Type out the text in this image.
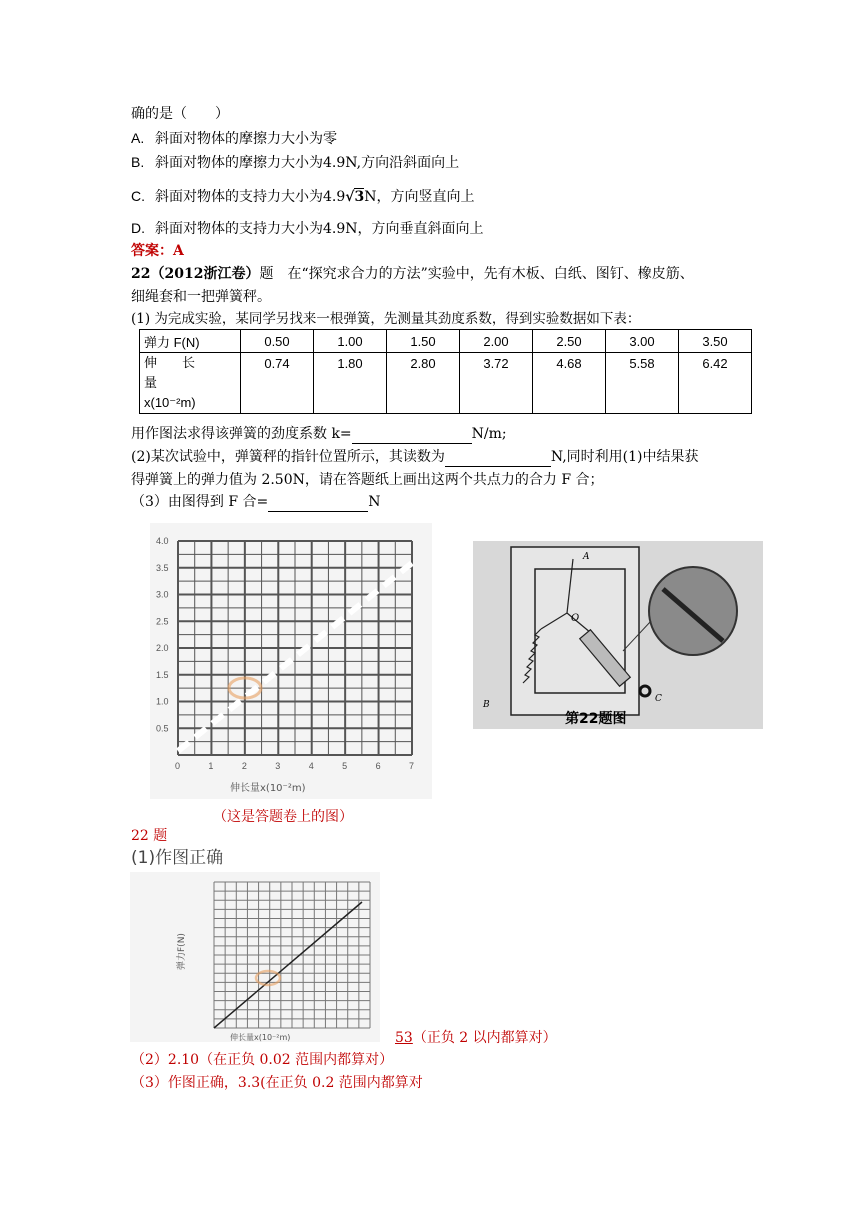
确的是（　　）
A. 斜面对物体的摩擦力大小为零
B. 斜面对物体的摩擦力大小为4.9N,方向沿斜面向上
C. 斜面对物体的支持力大小为4.9√3N，方向竖直向上
D. 斜面对物体的支持力大小为4.9N，方向垂直斜面向上
答案：A
22（2012浙江卷）题　在“探究求合力的方法”实验中，先有木板、白纸、图钉、橡皮筋、
细绳套和一把弹簧秤。
(1) 为完成实验，某同学另找来一根弹簧，先测量其劲度系数，得到实验数据如下表：
弹力 F(N)	0.50	1.00	1.50	2.00	2.50	3.00	3.50

伸　长　量
x(10⁻²m)	0.74	1.80	2.80	3.72	4.68	5.58	6.42
用作图法求得该弹簧的劲度系数 k=	N/m;
(2)某次试验中，弹簧秤的指针位置所示，其读数为	N,同时利用(1)中结果获
得弹簧上的弹力值为 2.50N，请在答题纸上画出这两个共点力的合力 F 合；
（3）由图得到 F 合=	N
0.5
1.0
1.5
2.0
2.5
3.0
3.5
4.0
0	1	2	3	4	5	6	7
伸长量x(10⁻²m)
（这是答题卷上的图）
A
O
B
C
第22题图
22 题
(1)作图正确
弹力F(N)
伸长量x(10⁻²m)	53（正负 2 以内都算对）
（2）2.10（在正负 0.02 范围内都算对）
（3）作图正确，3.3(在正负 0.2 范围内都算对
